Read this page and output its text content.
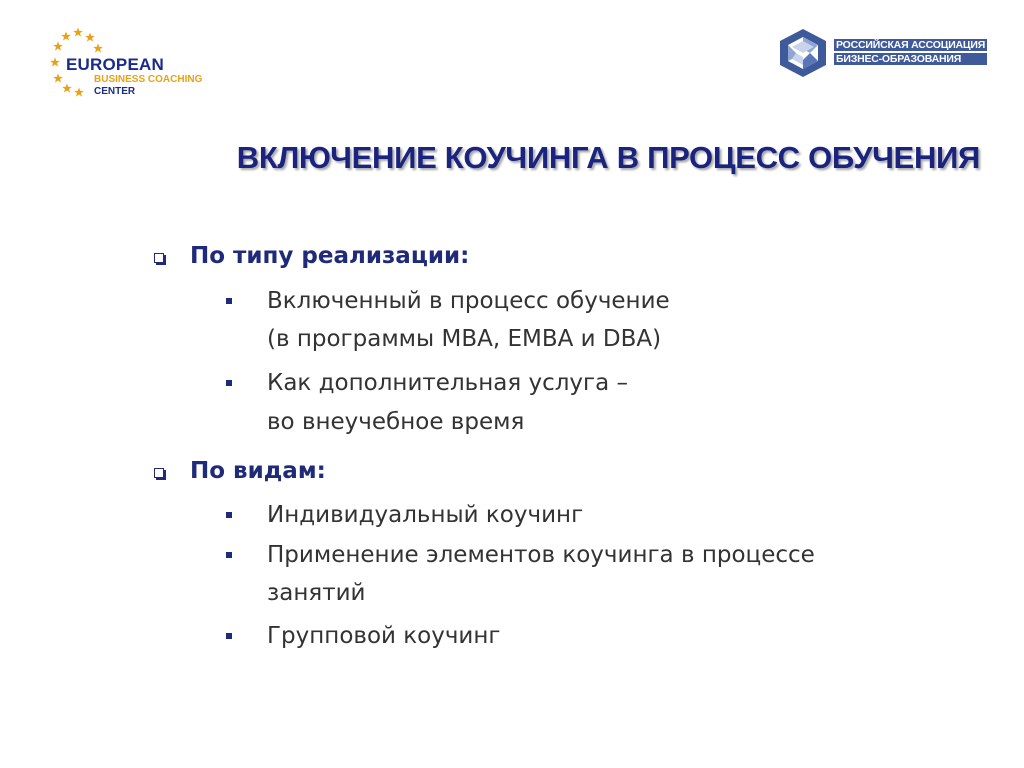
EUROPEAN
BUSINESS COACHING
CENTER
РОССИЙСКАЯ АССОЦИАЦИЯ
БИЗНЕС-ОБРАЗОВАНИЯ
ВКЛЮЧЕНИЕ КОУЧИНГА В ПРОЦЕСС ОБУЧЕНИЯ
По типу реализации:
Включенный в процесс обучение
(в программы MBA, EMBA и DBA)
Как дополнительная услуга –
во внеучебное время
По видам:
Индивидуальный коучинг
Применение элементов коучинга в процессе
занятий
Групповой коучинг
